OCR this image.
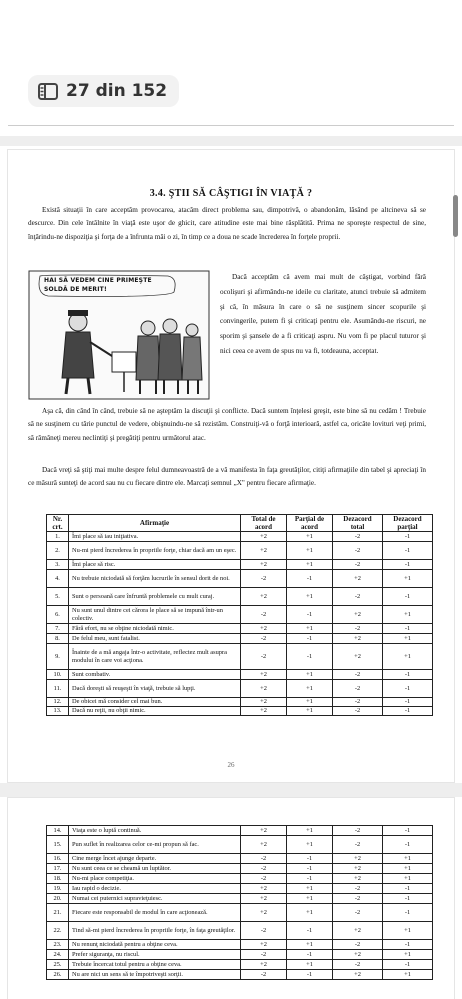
27 din 152
3.4. ŞTII SĂ CÂŞTIGI ÎN VIAŢĂ ?
Există situaţii în care acceptăm provocarea, atacăm direct problema sau, dimpotrivă, o abandonăm, lăsând pe altcineva să se descurce. Din cele întâlnite în viaţă este uşor de ghicit, care atitudine este mai bine răsplătită. Prima ne sporeşte respectul de sine, înţărindu-ne dispoziţia şi forţa de a înfrunta mâi o zi, în timp ce a doua ne scade încrederea în forţele proprii.
HAI SĂ VEDEM CINE PRIMEŞTE SOLDĂ DE MERIT!
Dacă acceptăm că avem mai mult de câştigat, vorbind fără ocolişuri şi afirmându-ne ideile cu claritate, atunci trebuie să admitem şi că, în măsura în care o să ne susţinem sincer scopurile şi convingerile, putem fi şi criticaţi pentru ele. Asumându-ne riscuri, ne sporim şi şansele de a fi criticaţi aspru. Nu vom fi pe placul tuturor şi nici ceea ce avem de spus nu va fi, totdeauna, acceptat.
Aşa că, din când în când, trebuie să ne aşteptăm la discuţii şi conflicte. Dacă suntem înţelesi greşit, este bine să nu cedăm ! Trebuie să ne susţinem cu tărie punctul de vedere, obişnuindu-ne să rezistăm. Construiţi-vă o forţă interioară, astfel ca, oricâte lovituri veţi primi, să rămâneţi mereu neclintiţi şi pregătiţi pentru următorul atac.
Dacă vreţi să ştiţi mai multe despre felul dumneavoastră de a vă manifesta în faţa greutăţilor, citiţi afirmaţiile din tabel şi apreciaţi în ce măsură sunteţi de acord sau nu cu fiecare dintre ele. Marcaţi semnul „X" pentru fiecare afirmaţie.
Nr. crt.	Afirmaţie	Total de acord	Parţial de acord	Dezacord total	Dezacord parţial
1.	Îmi place să iau iniţiativa.	+2	+1	-2	-1
2.	Nu-mi pierd încrederea în propriile forţe, chiar dacă am un eşec.	+2	+1	-2	-1
3.	Îmi place să risc.	+2	+1	-2	-1
4.	Nu trebuie niciodată să forţăm lucrurile în sensul dorit de noi.	-2	-1	+2	+1
5.	Sunt o persoană care înfruntă problemele cu mult curaj.	+2	+1	-2	-1
6.	Nu sunt unul dintre cei cărora le place să se impună într-un colectiv.	-2	-1	+2	+1
7.	Fără efort, nu se obţine niciodată nimic.	+2	+1	-2	-1
8.	De felul meu, sunt fatalist.	-2	-1	+2	+1
9.	Înainte de a mă angaja într-o activitate, reflectez mult asupra modului în care voi acţiona.	-2	-1	+2	+1
10.	Sunt combativ.	+2	+1	-2	-1
11.	Dacă doreşti să reuşeşti în viaţă, trebuie să lupţi.	+2	+1	-2	-1
12.	De obicei mă consider cel mai bun.	+2	+1	-2	-1
13.	Dacă nu reţii, nu obţii nimic.	+2	+1	-2	-1
26
14.	Viaţa este o luptă continuă.	+2	+1	-2	-1
15.	Pun suflet în realizarea celor ce-mi propun să fac.	+2	+1	-2	-1
16.	Cine merge încet ajunge departe.	-2	-1	+2	+1
17.	Nu sunt ceea ce se cheamă un luptător.	-2	-1	+2	+1
18.	Nu-mi place competiţia.	-2	-1	+2	+1
19.	Iau rapid o decizie.	+2	+1	-2	-1
20.	Numai cei puternici supravieţuiesc.	+2	+1	-2	-1
21.	Fiecare este responsabil de modul în care acţionează.	+2	+1	-2	-1
22.	Tind să-mi pierd încrederea în propriile forţe, în faţa greutăţilor.	-2	-1	+2	+1
23.	Nu renunţ niciodată pentru a obţine ceva.	+2	+1	-2	-1
24.	Prefer siguranţa, nu riscul.	-2	-1	+2	+1
25.	Trebuie încercat totul pentru a obţine ceva.	+2	+1	-2	-1
26.	Nu are nici un sens să te împotriveşti sorţii.	-2	-1	+2	+1
